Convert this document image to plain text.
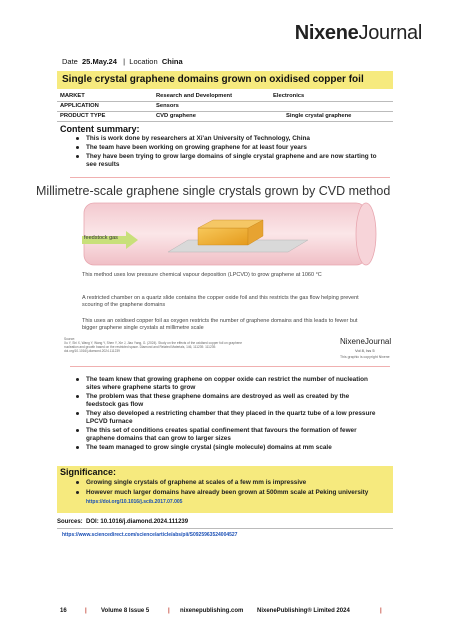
NixeneJournal
Date 25.May.24 | Location China
Single crystal graphene domains grown on oxidised copper foil
MARKET	Research and Development	Electronics
APPLICATION	Sensors
PRODUCT TYPE	CVD graphene	Single crystal graphene
Content summary:
This is work done by researchers at Xi'an University of Technology, China
The team have been working on growing graphene for at least four years
They have been trying to grow large domains of single crystal graphene and are now starting to see results
Millimetre-scale graphene single crystals grown by CVD method
feedstock gas
This method uses low pressure chemical vapour deposition (LPCVD) to grow graphene at 1060 °C
A restricted chamber on a quartz slide contains the copper oxide foil and this restricts the gas flow helping prevent scouring of the graphene domains
This uses an oxidised copper foil as oxygen restricts the number of graphene domains and this leads to fewer but bigger graphene single crystals at millimetre scale
Source:
Xu Y, Shi X, Wang Y, Wang Y, Shen Y, Xie J, Jiao Yang, G. (2024). Study on the effects of the oxidised copper foil on graphene
nucleation and growth based on the restricted space. Diamond and Related Materials, 146, 111239. 111239.
doi.org/10.1016/j.diamond.2024.111239
NixeneJournal
Vol 8, Iss 5
This graphic is copyright Nixene
The team knew that growing graphene on copper oxide can restrict the number of nucleation sites where graphene starts to grow
The problem was that these graphene domains are destroyed as well as created by the feedstock gas flow
They also developed a restricting chamber that they placed in the quartz tube of a low pressure LPCVD furnace
The this set of conditions creates spatial confinement that favours the formation of fewer graphene domains that can grow to larger sizes
The team managed to grow single crystal (single molecule) domains at mm scale
Significance:
Growing single crystals of graphene at scales of a few mm is impressive
However much larger domains have already been grown at 500mm scale at Peking university
https://doi.org/10.1016/j.scib.2017.07.005
Sources: DOI: 10.1016/j.diamond.2024.111239
https://www.sciencedirect.com/science/article/abs/pii/S0925963524004527
16	| Volume 8 Issue 5	| nixenepublishing.com NixenePublishing® Limited 2024	|
